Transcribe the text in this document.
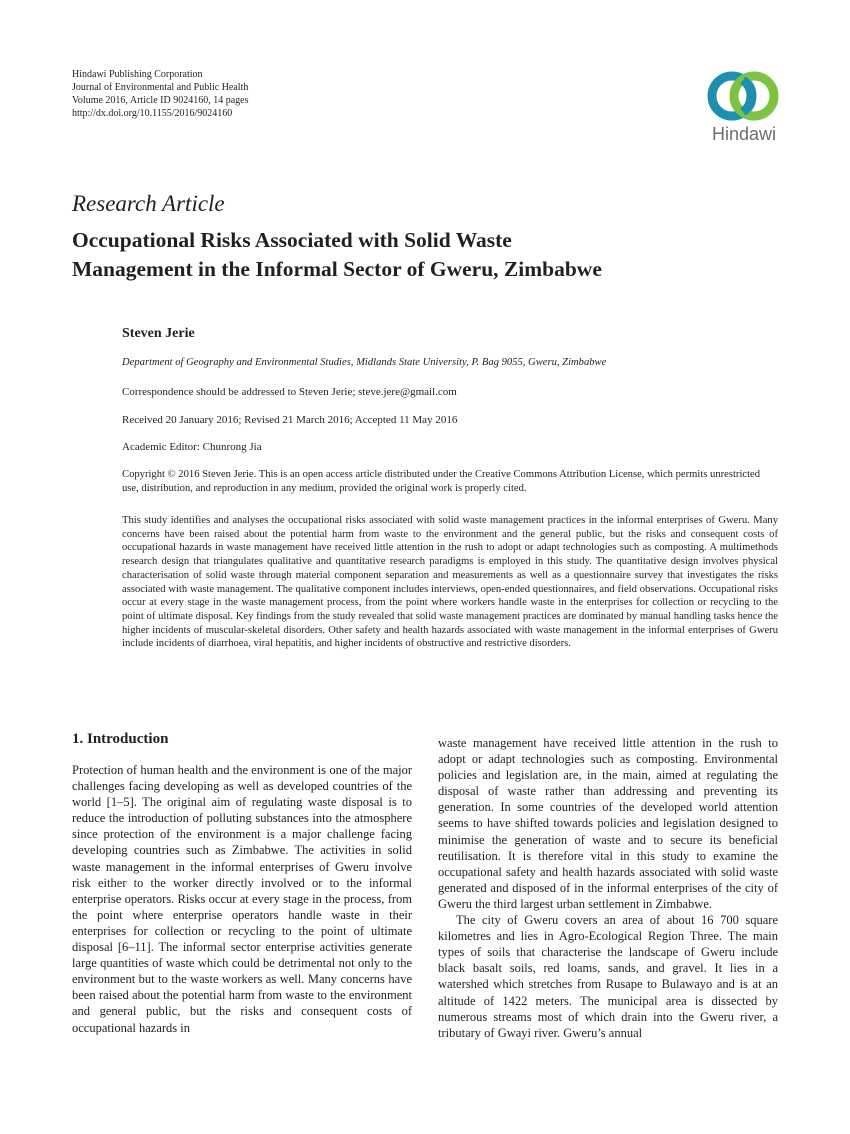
Hindawi Publishing Corporation
Journal of Environmental and Public Health
Volume 2016, Article ID 9024160, 14 pages
http://dx.doi.org/10.1155/2016/9024160
Hindawi
Research Article
Occupational Risks Associated with Solid Waste
Management in the Informal Sector of Gweru, Zimbabwe
Steven Jerie
Department of Geography and Environmental Studies, Midlands State University, P. Bag 9055, Gweru, Zimbabwe
Correspondence should be addressed to Steven Jerie; steve.jere@gmail.com
Received 20 January 2016; Revised 21 March 2016; Accepted 11 May 2016
Academic Editor: Chunrong Jia
Copyright © 2016 Steven Jerie. This is an open access article distributed under the Creative Commons Attribution License, which permits unrestricted use, distribution, and reproduction in any medium, provided the original work is properly cited.
This study identifies and analyses the occupational risks associated with solid waste management practices in the informal enterprises of Gweru. Many concerns have been raised about the potential harm from waste to the environment and the general public, but the risks and consequent costs of occupational hazards in waste management have received little attention in the rush to adopt or adapt technologies such as composting. A multimethods research design that triangulates qualitative and quantitative research paradigms is employed in this study. The quantitative design involves physical characterisation of solid waste through material component separation and measurements as well as a questionnaire survey that investigates the risks associated with waste management. The qualitative component includes interviews, open-ended questionnaires, and field observations. Occupational risks occur at every stage in the waste management process, from the point where workers handle waste in the enterprises for collection or recycling to the point of ultimate disposal. Key findings from the study revealed that solid waste management practices are dominated by manual handling tasks hence the higher incidents of muscular-skeletal disorders. Other safety and health hazards associated with waste management in the informal enterprises of Gweru include incidents of diarrhoea, viral hepatitis, and higher incidents of obstructive and restrictive disorders.
1. Introduction

Protection of human health and the environment is one of the major challenges facing developing as well as developed countries of the world [1–5]. The original aim of regulating waste disposal is to reduce the introduction of polluting substances into the atmosphere since protection of the environment is a major challenge facing developing countries such as Zimbabwe. The activities in solid waste management in the informal enterprises of Gweru involve risk either to the worker directly involved or to the informal enterprise operators. Risks occur at every stage in the process, from the point where enterprise operators handle waste in their enterprises for collection or recycling to the point of ultimate disposal [6–11]. The informal sector enterprise activities generate large quantities of waste which could be detrimental not only to the environment but to the waste workers as well. Many concerns have been raised about the potential harm from waste to the environment and general public, but the risks and consequent costs of occupational hazards in

waste management have received little attention in the rush to adopt or adapt technologies such as composting. Environmental policies and legislation are, in the main, aimed at regulating the disposal of waste rather than addressing and preventing its generation. In some countries of the developed world attention seems to have shifted towards policies and legislation designed to minimise the generation of waste and to secure its beneficial reutilisation. It is therefore vital in this study to examine the occupational safety and health hazards associated with solid waste generated and disposed of in the informal enterprises of the city of Gweru the third largest urban settlement in Zimbabwe.

The city of Gweru covers an area of about 16 700 square kilometres and lies in Agro-Ecological Region Three. The main types of soils that characterise the landscape of Gweru include black basalt soils, red loams, sands, and gravel. It lies in a watershed which stretches from Rusape to Bulawayo and is at an altitude of 1422 meters. The municipal area is dissected by numerous streams most of which drain into the Gweru river, a tributary of Gwayi river. Gweru’s annual
